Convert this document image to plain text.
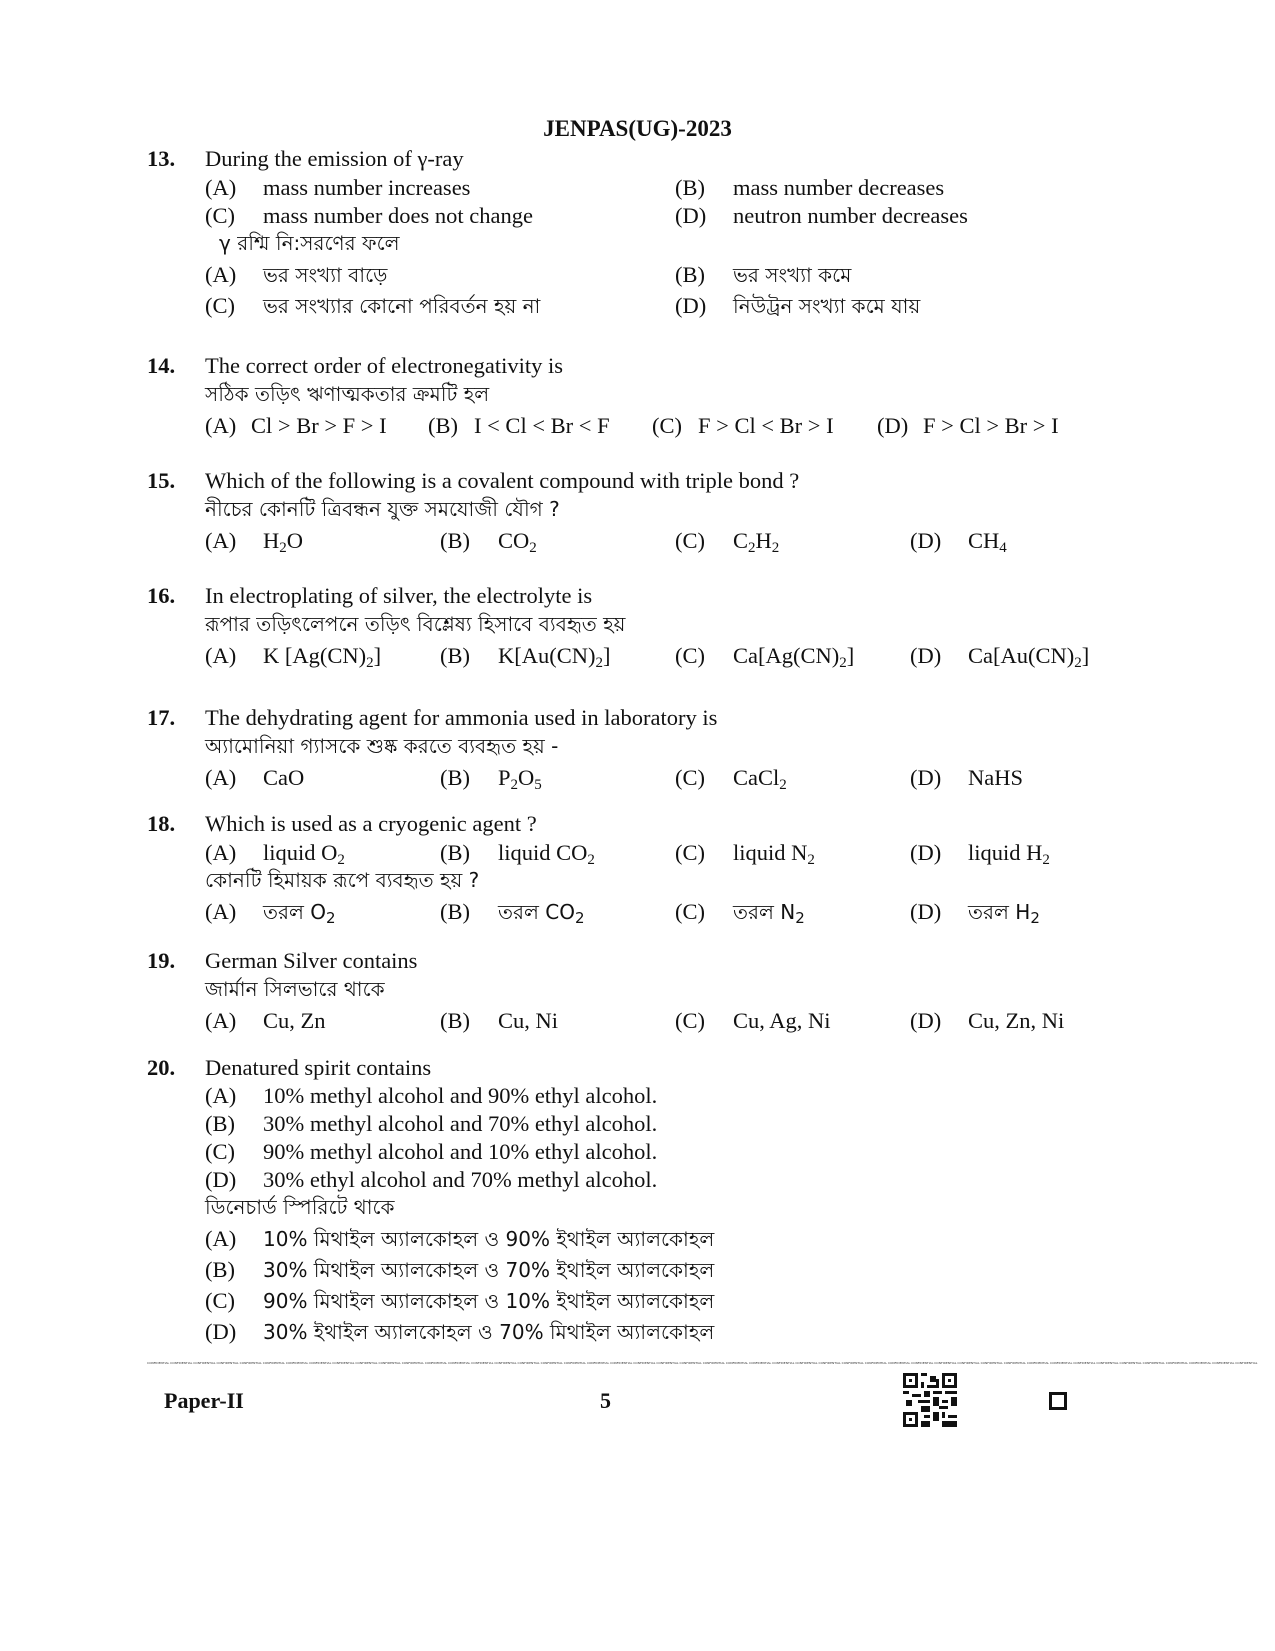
JENPAS(UG)-2023
13. During the emission of γ-ray
(A) mass number increases	(B) mass number decreases
(C) mass number does not change	(D) neutron number decreases
γ রশ্মি নি:সরণের ফলে
(A) ভর সংখ্যা বাড়ে	(B) ভর সংখ্যা কমে
(C) ভর সংখ্যার কোনো পরিবর্তন হয় না	(D) নিউট্রন সংখ্যা কমে যায়
14. The correct order of electronegativity is
সঠিক তড়িৎ ঋণাত্মকতার ক্রমটি হল
(A) Cl > Br > F > I (B) I < Cl < Br < F (C) F > Cl < Br > I (D) F > Cl > Br > I
15. Which of the following is a covalent compound with triple bond ?
নীচের কোনটি ত্রিবন্ধন যুক্ত সমযোজী যৌগ ?
(A) $H_2O$	(B) $CO_2$	(C) $C_2H_2$	(D) $CH_4$
16. In electroplating of silver, the electrolyte is
রূপার তড়িৎলেপনে তড়িৎ বিশ্লেষ্য হিসাবে ব্যবহৃত হয়
(A) K $[Ag(CN)_2]$	(B) $K[Au(CN)_2]$	(C) $Ca[Ag(CN)_2]$ (D) $Ca[Au(CN)_2]$
17. The dehydrating agent for ammonia used in laboratory is
অ্যামোনিয়া গ্যাসকে শুষ্ক করতে ব্যবহৃত হয় -
(A) CaO	(B) $P_2O_5$	(C) CaCl$_2$	(D) NaHS
18. Which is used as a cryogenic agent ?
(A) liquid $O_2$	(B) liquid $CO_2$	(C) liquid $N_2$	(D) liquid $H_2$
কোনটি হিমায়ক রূপে ব্যবহৃত হয় ?
(A) তরল $O_2$	(B) তরল $CO_2$	(C) তরল $N_2$	(D) তরল $H_2$
19. German Silver contains
জার্মান সিলভারে থাকে
(A) Cu, Zn	(B) Cu, Ni	(C) Cu, Ag, Ni	(D) Cu, Zn, Ni
20. Denatured spirit contains
(A) 10% methyl alcohol and 90% ethyl alcohol.
(B) 30% methyl alcohol and 70% ethyl alcohol.
(C) 90% methyl alcohol and 10% ethyl alcohol.
(D) 30% ethyl alcohol and 70% methyl alcohol.
ডিনেচার্ড স্পিরিটে থাকে
(A) 10% মিথাইল অ্যালকোহল ও 90% ইথাইল অ্যালকোহল
(B) 30% মিথাইল অ্যালকোহল ও 70% ইথাইল অ্যালকোহল
(C) 90% মিথাইল অ্যালকোহল ও 10% ইথাইল অ্যালকোহল
(D) 30% ইথাইল অ্যালকোহল ও 70% মিথাইল অ্যালকোহল
CONFIDENTIAL CONFIDENTIAL CONFIDENTIAL CONFIDENTIAL CONFIDENTIAL CONFIDENTIAL CONFIDENTIAL CONFIDENTIAL CONFIDENTIAL CONFIDENTIAL CONFIDENTIAL CONFIDENTIAL CONFIDENTIAL CONFIDENTIAL CONFIDENTIAL CONFIDENTIAL CONFIDENTIAL CONFIDENTIAL CONFIDENTIAL CONFIDENTIAL CONFIDENTIAL CONFIDENTIAL CONFIDENTIAL CONFIDENTIAL CONFIDENTIAL CONFIDENTIAL CONFIDENTIAL CONFIDENTIAL CONFIDENTIAL CONFIDENTIAL CONFIDENTIAL CONFIDENTIAL CONFIDENTIAL CONFIDENTIAL CONFIDENTIAL CONFIDENTIAL CONFIDENTIAL CONFIDENTIAL CONFIDENTIAL CONFIDENTIAL CONFIDENTIAL CONFIDENTIAL CONFIDENTIAL CONFIDENTIAL CONFIDENTIAL CONFIDENTIAL CONFIDENTIAL CONFIDENTIAL
Paper-II	5
